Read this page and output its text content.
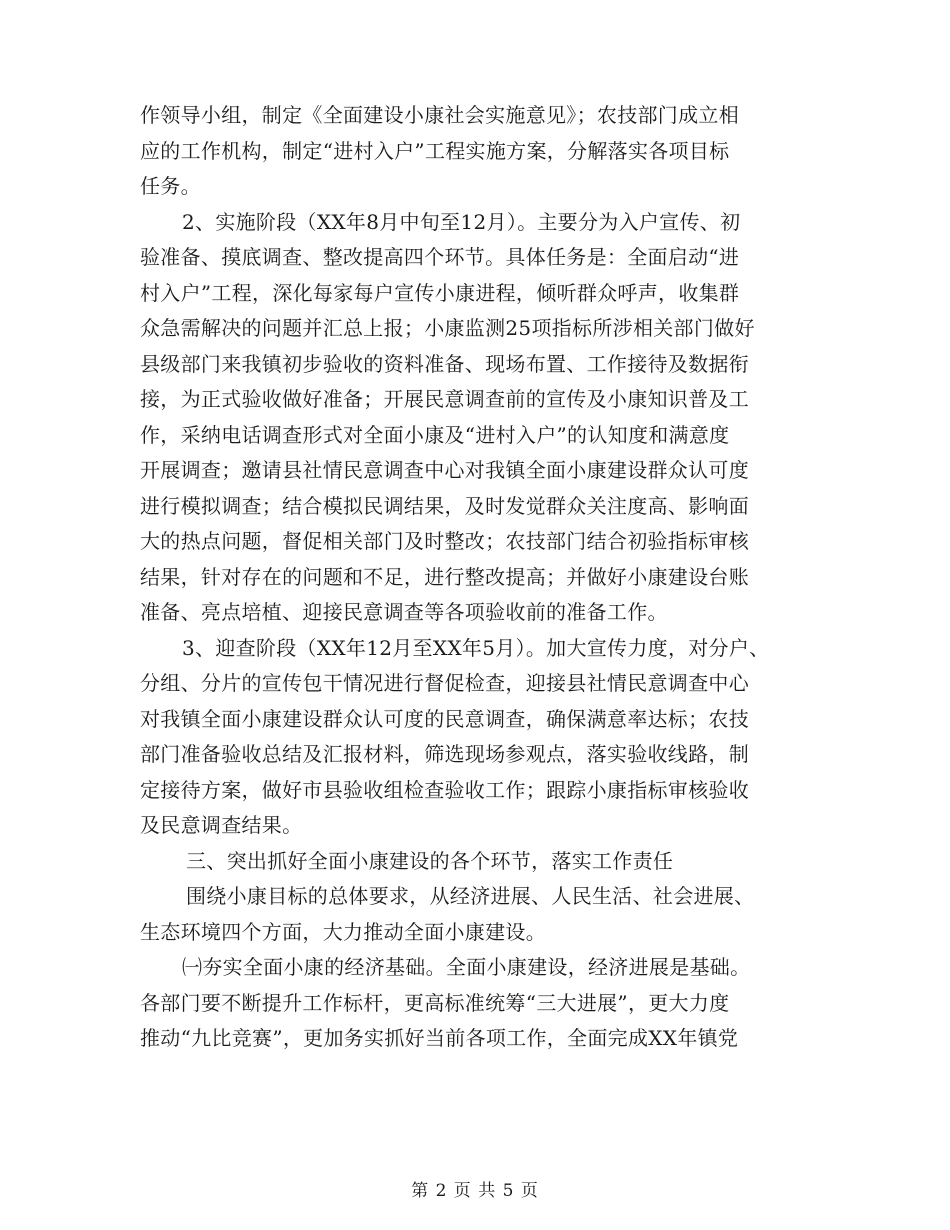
作领导小组，制定《全面建设小康社会实施意见》；农技部门成立相
应的工作机构，制定“进村入户”工程实施方案，分解落实各项目标
任务。

2、实施阶段（XX年8月中旬至12月）。主要分为入户宣传、初
验准备、摸底调查、整改提高四个环节。具体任务是：全面启动“进
村入户”工程，深化每家每户宣传小康进程，倾听群众呼声，收集群
众急需解决的问题并汇总上报；小康监测25项指标所涉相关部门做好
县级部门来我镇初步验收的资料准备、现场布置、工作接待及数据衔
接，为正式验收做好准备；开展民意调查前的宣传及小康知识普及工
作，采纳电话调查形式对全面小康及“进村入户”的认知度和满意度
开展调查；邀请县社情民意调查中心对我镇全面小康建设群众认可度
进行模拟调查；结合模拟民调结果，及时发觉群众关注度高、影响面
大的热点问题，督促相关部门及时整改；农技部门结合初验指标审核
结果，针对存在的问题和不足，进行整改提高；并做好小康建设台账
准备、亮点培植、迎接民意调查等各项验收前的准备工作。

3、迎查阶段（XX年12月至XX年5月）。加大宣传力度，对分户、
分组、分片的宣传包干情况进行督促检查，迎接县社情民意调查中心
对我镇全面小康建设群众认可度的民意调查，确保满意率达标；农技
部门准备验收总结及汇报材料，筛选现场参观点，落实验收线路，制
定接待方案，做好市县验收组检查验收工作；跟踪小康指标审核验收
及民意调查结果。

三、突出抓好全面小康建设的各个环节，落实工作责任

围绕小康目标的总体要求，从经济进展、人民生活、社会进展、
生态环境四个方面，大力推动全面小康建设。

㈠夯实全面小康的经济基础。全面小康建设，经济进展是基础。
各部门要不断提升工作标杆，更高标准统筹“三大进展”，更大力度
推动“九比竞赛”，更加务实抓好当前各项工作，全面完成XX年镇党

第 2 页 共 5 页
